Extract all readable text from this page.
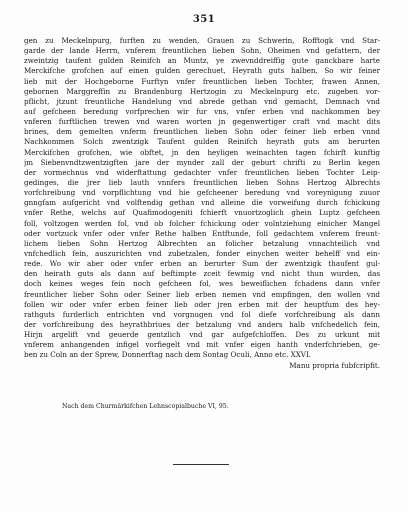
351
gen zu Meckelnpurg, furften zu wenden, Grauen zu Schwerin, Rofftogk vnd Star-
garde der lande Herrn, vnferem freuntlichen lieben Sohn, Oheimen vnd gefattern, der
zweintzig taufent gulden Reinifch an Muntz, ye zwevnddreiffig gute ganckbare harte
Merckifche grofchen auf einen gulden gerechuet, Heyrath guts halben, So wir feiner
lieb mit der Hochgeborne Furftyn vnfer freuntlichen lieben Tochter, frawen Annen,
gebornen Marggreffin zu Brandenburg Hertzogin zu Meckelnpurg etc. zugeben vor-
pflicht, jtzunt freuntliche Handelung vnd abrede gethan vnd gemacht, Demnach vnd
auf gefcheen beredung vorfprechen wir fur vns, vnfer erben vnd nachkommen bey
vnferen furftlichen trewen vnd waren worten jn gegenwertiger craft vnd macht dits
brines, dem gemelten vnferm freuntlichen lieben Sohn oder feiner lieb erben vnnd
Nachkommen Solch zwentzigk Taufent gulden Reinifch heyrath guts am berurten
Merckifchen grofchen, wie obftet, jn den heyligen weinachten tagen fchirft kunftig
jm Siebenvndtzwentzigften jare der mynder zall der geburt chrifti zu Berlin kegen
der vormechnus vnd widerftattung gedachter vnfer freuntlichen lieben Tochter Leip-
gedinges, die jrer lieb lauth vnnfers freuntlichen lieben Sohns Hertzog Albrechts
vorfchreibung vnd vorpflichtung vnd hie gefcheener beredung vnd voreynigung zuuor
gnngfam aufgericht vnd volftendig gethan vnd alleine die vorweifung durch fchickung
vnfer Rethe, welchs auf Quafimodogeniti fchierft vnuortzoglich ghein Luptz gefcheen
foll, voltzogen werden fol, vnd ob folcher fchickung oder volntziehung einicher Mangel
oder vortzuck vnfer oder vnfer Rethe halben Entftunde, foll gedachtem vnferem freunt-
lichem lieben Sohn Hertzog Albrechten an folicher betzalung vnnachteilich vnd
vnfchedlich fein, auszurichten vnd zubetzalen, fonder einychen weiter behelff vnd ein-
rede. Wo wir aber oder vnfer erben an berurter Sum der zwentzigk thaufent gul-
den heirath guts als dann auf beftimpte zceit fewmig vnd nicht thun wurden, das
doch keines weges fein noch gefcheen fol, wes beweiflichen fchadens dann vnfer
freuntlicher lieber Sohn oder Seiner lieb erben nemen vnd empfingen, den wollen vnd
follen wir oder vnfer erben feiner lieb oder jren erben mit der heuptfum des hey-
rathguts furderlich entrichten vnd vorgnugen vnd fol diefe vorfchreibung als dann
der vorfchreibung des heyrathbriues der betzalung vnd anders halb vnfchedelich fein,
Hirjn argelift vnd geuerde gentzlich vnd gar aufgefchloffen. Des zu urkunt mit
vnferem anhangenden infigel vorfiegelt vnd mit vnfer eigen hanth vnderfchrieben, ge-
ben zu Coln an der Sprew, Donnerftag nach dem Sontag Oculi, Anno etc. XXVI.
Manu propria fubfcripfit.
Nach dem Churmärkifchen Lehnscopialbuche VI, 95.
